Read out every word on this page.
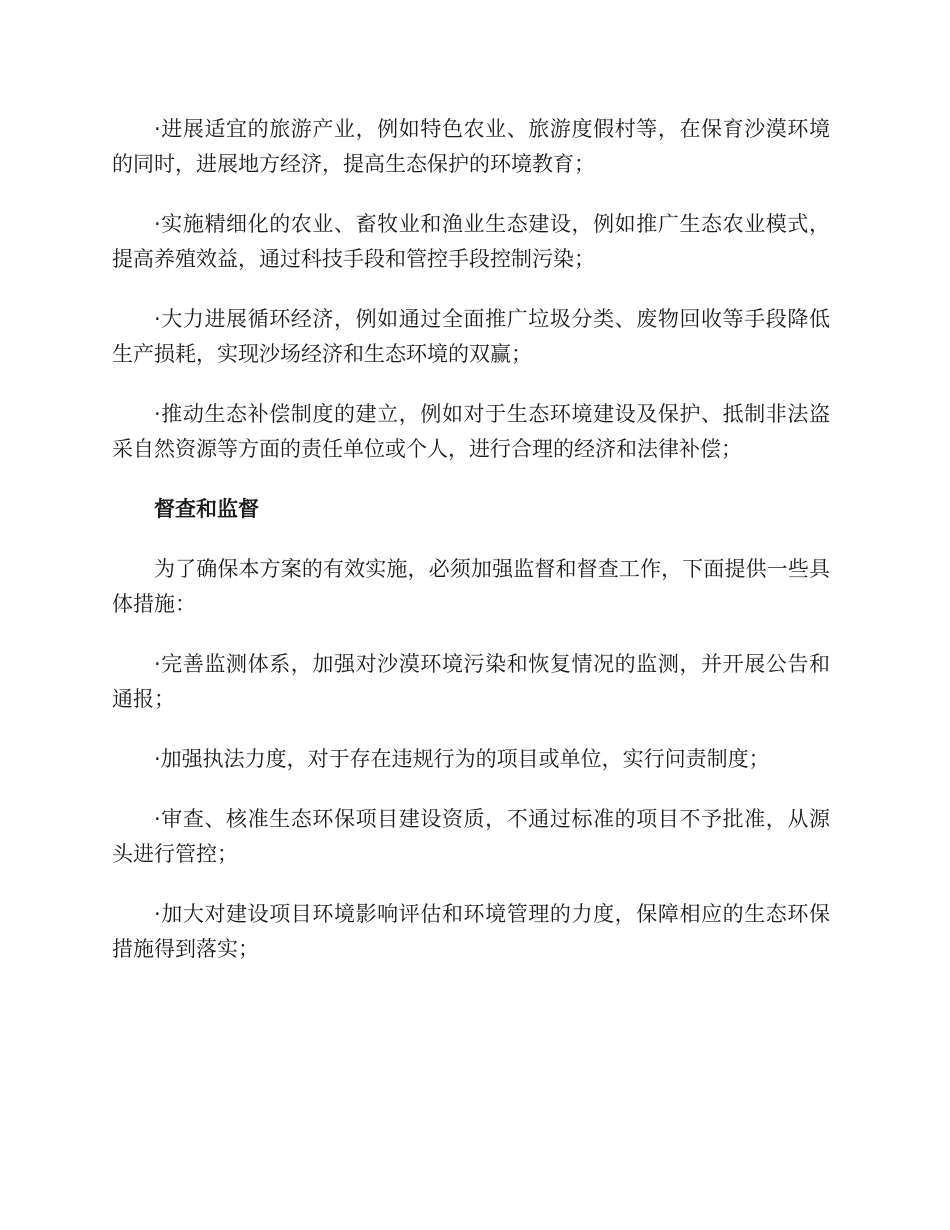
·进展适宜的旅游产业，例如特色农业、旅游度假村等，在保育沙漠环境的同时，进展地方经济，提高生态保护的环境教育；

·实施精细化的农业、畜牧业和渔业生态建设，例如推广生态农业模式，提高养殖效益，通过科技手段和管控手段控制污染；

·大力进展循环经济，例如通过全面推广垃圾分类、废物回收等手段降低生产损耗，实现沙场经济和生态环境的双赢；

·推动生态补偿制度的建立，例如对于生态环境建设及保护、抵制非法盗采自然资源等方面的责任单位或个人，进行合理的经济和法律补偿；

督查和监督

为了确保本方案的有效实施，必须加强监督和督查工作，下面提供一些具体措施：

·完善监测体系，加强对沙漠环境污染和恢复情况的监测，并开展公告和通报；

·加强执法力度，对于存在违规行为的项目或单位，实行问责制度；

·审查、核准生态环保项目建设资质，不通过标准的项目不予批准，从源头进行管控；

·加大对建设项目环境影响评估和环境管理的力度，保障相应的生态环保措施得到落实；
